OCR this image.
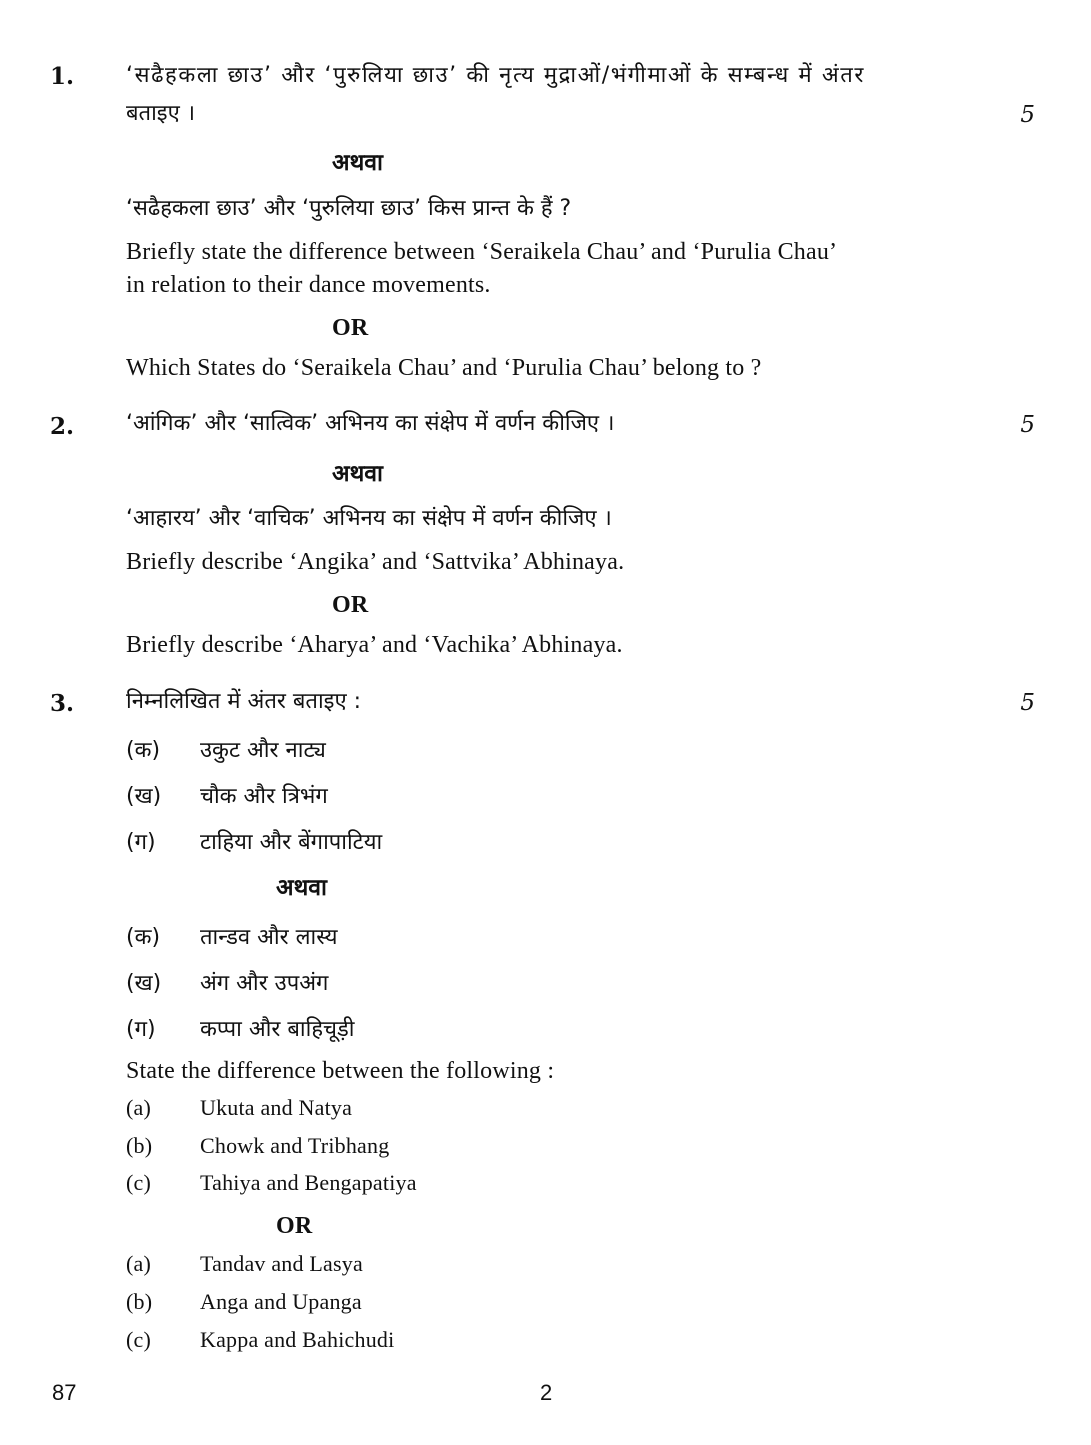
1. ‘सढैहकला छाउ’ और ‘पुरुलिया छाउ’ की नृत्य मुद्राओं/भंगीमाओं के सम्बन्ध में अंतर
बताइए ।	5
अथवा
‘सढैहकला छाउ’ और ‘पुरुलिया छाउ’ किस प्रान्त के हैं ?
Briefly state the difference between ‘Seraikela Chau’ and ‘Purulia Chau’
in relation to their dance movements.
OR
Which States do ‘Seraikela Chau’ and ‘Purulia Chau’ belong to ?
2. ‘आंगिक’ और ‘सात्विक’ अभिनय का संक्षेप में वर्णन कीजिए ।	5
अथवा
‘आहारय’ और ‘वाचिक’ अभिनय का संक्षेप में वर्णन कीजिए ।
Briefly describe ‘Angika’ and ‘Sattvika’ Abhinaya.
OR
Briefly describe ‘Aharya’ and ‘Vachika’ Abhinaya.
3. निम्नलिखित में अंतर बताइए :	5
(क) उकुट और नाट्य
(ख) चौक और त्रिभंग
(ग) टाहिया और बेंगापाटिया
अथवा
(क) तान्डव और लास्य
(ख) अंग और उपअंग
(ग) कप्पा और बाहिचूड़ी
State the difference between the following :
(a) Ukuta and Natya
(b) Chowk and Tribhang
(c) Tahiya and Bengapatiya
OR
(a) Tandav and Lasya
(b) Anga and Upanga
(c) Kappa and Bahichudi
87	2
